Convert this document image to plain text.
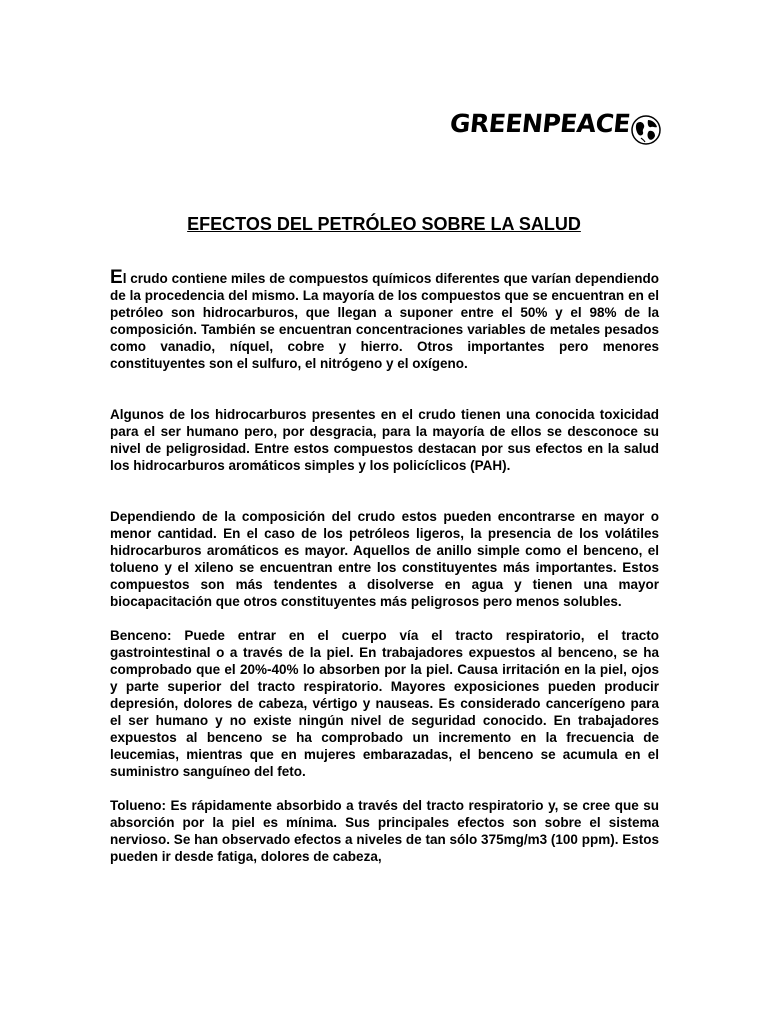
GREENPEACE
EFECTOS DEL PETRÓLEO SOBRE LA SALUD

El crudo contiene miles de compuestos químicos diferentes que varían dependiendo de la procedencia del mismo. La mayoría de los compuestos que se encuentran en el petróleo son hidrocarburos, que llegan a suponer entre el 50% y el 98% de la composición. También se encuentran concentraciones variables de metales pesados como vanadio, níquel, cobre y hierro. Otros importantes pero menores constituyentes son el sulfuro, el nitrógeno y el oxígeno.

Algunos de los hidrocarburos presentes en el crudo tienen una conocida toxicidad para el ser humano pero, por desgracia, para la mayoría de ellos se desconoce su nivel de peligrosidad. Entre estos compuestos destacan por sus efectos en la salud los hidrocarburos aromáticos simples y los policíclicos (PAH).

Dependiendo de la composición del crudo estos pueden encontrarse en mayor o menor cantidad. En el caso de los petróleos ligeros, la presencia de los volátiles hidrocarburos aromáticos es mayor. Aquellos de anillo simple como el benceno, el tolueno y el xileno se encuentran entre los constituyentes más importantes. Estos compuestos son más tendentes a disolverse en agua y tienen una mayor biocapacitación que otros constituyentes más peligrosos pero menos solubles.

Benceno: Puede entrar en el cuerpo vía el tracto respiratorio, el tracto gastrointestinal o a través de la piel. En trabajadores expuestos al benceno, se ha comprobado que el 20%-40% lo absorben por la piel. Causa irritación en la piel, ojos y parte superior del tracto respiratorio. Mayores exposiciones pueden producir depresión, dolores de cabeza, vértigo y nauseas. Es considerado cancerígeno para el ser humano y no existe ningún nivel de seguridad conocido. En trabajadores expuestos al benceno se ha comprobado un incremento en la frecuencia de leucemias, mientras que en mujeres embarazadas, el benceno se acumula en el suministro sanguíneo del feto.

Tolueno: Es rápidamente absorbido a través del tracto respiratorio y, se cree que su absorción por la piel es mínima. Sus principales efectos son sobre el sistema nervioso. Se han observado efectos a niveles de tan sólo 375mg/m3 (100 ppm). Estos pueden ir desde fatiga, dolores de cabeza,
